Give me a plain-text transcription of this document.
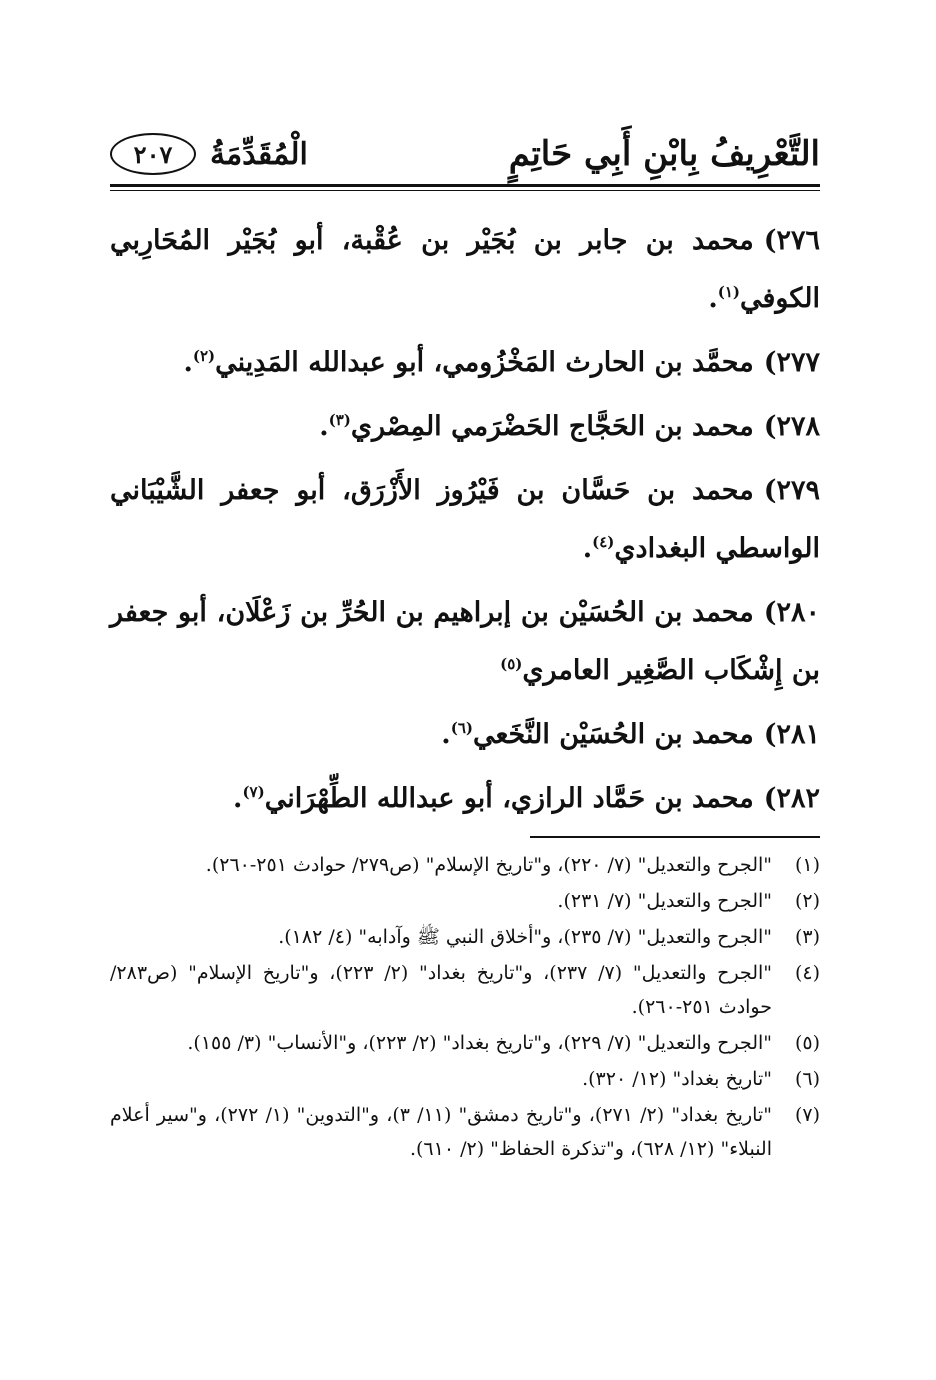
التَّعْرِيفُ بِابْنِ أَبِي حَاتِمٍ
الْمُقَدِّمَةُ
٢٠٧
٢٧٦)محمد بن جابر بن بُجَيْر بن عُقْبة، أبو بُجَيْر المُحَارِبي الكوفي$^{(١)}$.
٢٧٧)محمَّد بن الحارث المَخْزُومي، أبو عبدالله المَدِيني$^{(٢)}$.
٢٧٨)محمد بن الحَجَّاج الحَضْرَمي المِصْري$^{(٣)}$.
٢٧٩)محمد بن حَسَّان بن فَيْرُوز الأَزْرَق، أبو جعفر الشَّيْبَاني الواسطي البغدادي$^{(٤)}$.
٢٨٠)محمد بن الحُسَيْن بن إبراهيم بن الحُرِّ بن زَعْلَان، أبو جعفر بن إِشْكَاب الصَّغِير العامري$^{(٥)}$
٢٨١)محمد بن الحُسَيْن النَّخَعي$^{(٦)}$.
٢٨٢)محمد بن حَمَّاد الرازي، أبو عبدالله الطِّهْرَاني$^{(٧)}$.
(١)
"الجرح والتعديل" (٧/ ٢٢٠)، و"تاريخ الإسلام" (ص٢٧٩/ حوادث ٢٥١-٢٦٠).
(٢)
"الجرح والتعديل" (٧/ ٢٣١).
(٣)
"الجرح والتعديل" (٧/ ٢٣٥)، و"أخلاق النبي ﷺ وآدابه" (٤/ ١٨٢).
(٤)
"الجرح والتعديل" (٧/ ٢٣٧)، و"تاريخ بغداد" (٢/ ٢٢٣)، و"تاريخ الإسلام" (ص٢٨٣/ حوادث ٢٥١-٢٦٠).
(٥)
"الجرح والتعديل" (٧/ ٢٢٩)، و"تاريخ بغداد" (٢/ ٢٢٣)، و"الأنساب" (٣/ ١٥٥).
(٦)
"تاريخ بغداد" (١٢/ ٣٢٠).
(٧)
"تاريخ بغداد" (٢/ ٢٧١)، و"تاريخ دمشق" (١١/ ٣)، و"التدوين" (١/ ٢٧٢)، و"سير أعلام النبلاء" (١٢/ ٦٢٨)، و"تذكرة الحفاظ" (٢/ ٦١٠).
